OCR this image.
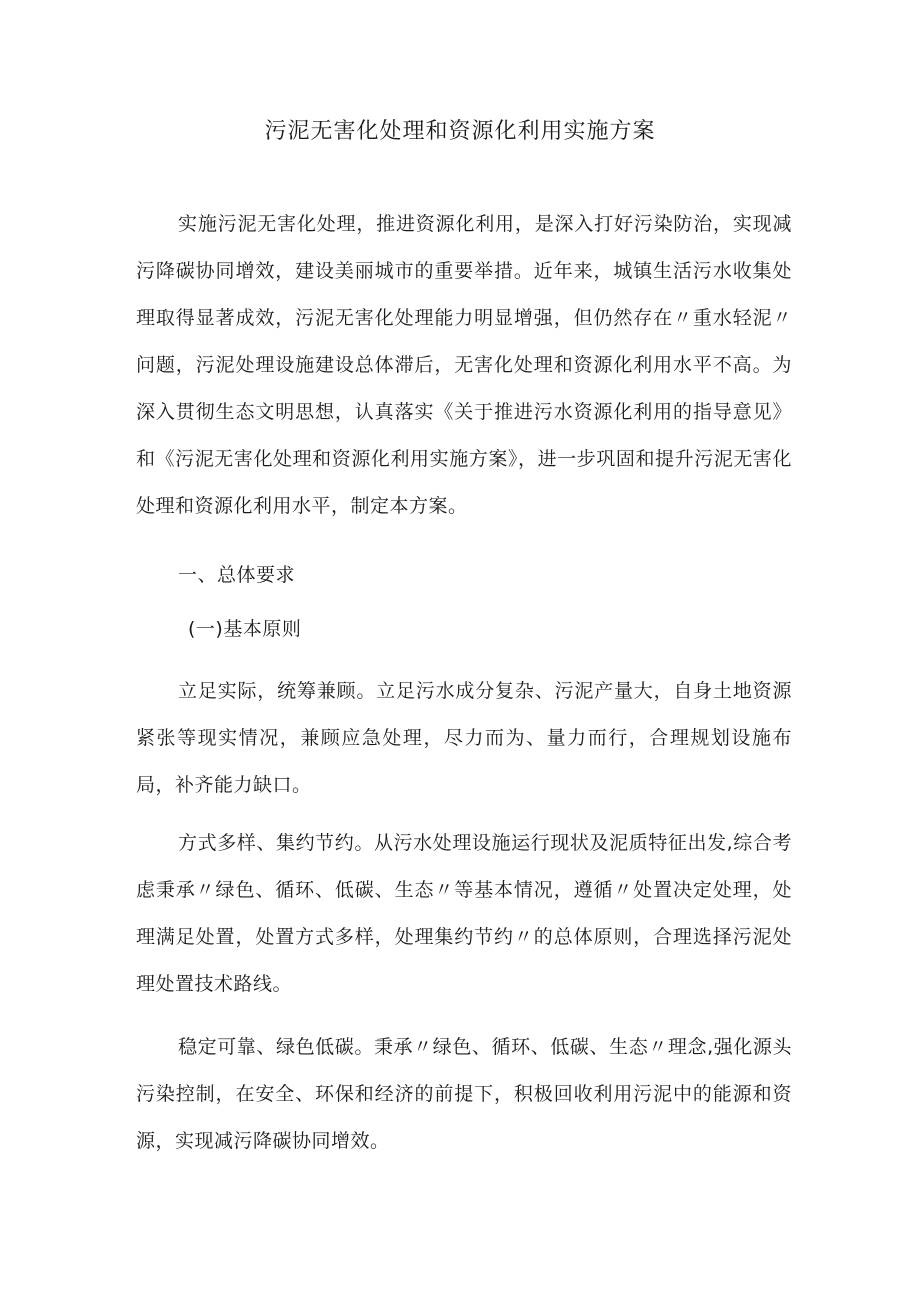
污泥无害化处理和资源化利用实施方案

实施污泥无害化处理，推进资源化利用，是深入打好污染防治，实现减污降碳协同增效，建设美丽城市的重要举措。近年来，城镇生活污水收集处理取得显著成效，污泥无害化处理能力明显增强，但仍然存在〃重水轻泥〃问题，污泥处理设施建设总体滞后，无害化处理和资源化利用水平不高。为深入贯彻生态文明思想，认真落实《关于推进污水资源化利用的指导意见》和《污泥无害化处理和资源化利用实施方案》，进一步巩固和提升污泥无害化处理和资源化利用水平，制定本方案。

一、总体要求
(一)基本原则

立足实际，统筹兼顾。立足污水成分复杂、污泥产量大，自身土地资源紧张等现实情况，兼顾应急处理，尽力而为、量力而行，合理规划设施布局，补齐能力缺口。

方式多样、集约节约。从污水处理设施运行现状及泥质特征出发,综合考虑秉承〃绿色、循环、低碳、生态〃等基本情况，遵循〃处置决定处理，处理满足处置，处置方式多样，处理集约节约〃的总体原则，合理选择污泥处理处置技术路线。

稳定可靠、绿色低碳。秉承〃绿色、循环、低碳、生态〃理念,强化源头污染控制，在安全、环保和经济的前提下，积极回收利用污泥中的能源和资源，实现减污降碳协同增效。
